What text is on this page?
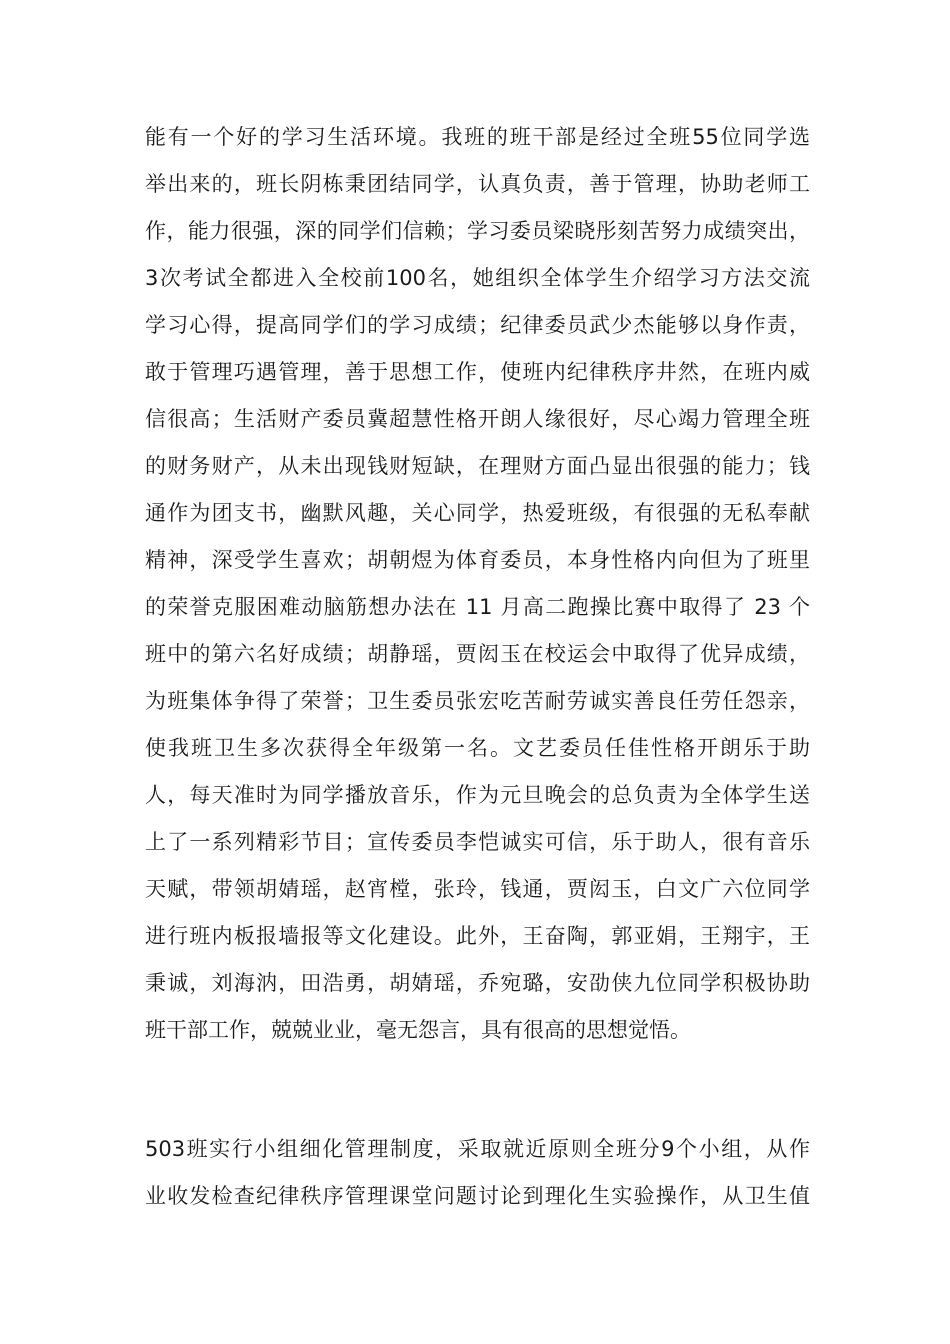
能有一个好的学习生活环境。我班的班干部是经过全班55位同学选
举出来的，班长阴栋秉团结同学，认真负责，善于管理，协助老师工
作，能力很强，深的同学们信赖；学习委员梁晓彤刻苦努力成绩突出，
3次考试全都进入全校前100名，她组织全体学生介绍学习方法交流
学习心得，提高同学们的学习成绩；纪律委员武少杰能够以身作责，
敢于管理巧遇管理，善于思想工作，使班内纪律秩序井然，在班内威
信很高；生活财产委员冀超慧性格开朗人缘很好，尽心竭力管理全班
的财务财产，从未出现钱财短缺，在理财方面凸显出很强的能力；钱
通作为团支书，幽默风趣，关心同学，热爱班级，有很强的无私奉献
精神，深受学生喜欢；胡朝煜为体育委员，本身性格内向但为了班里
的荣誉克服困难动脑筋想办法在 11 月高二跑操比赛中取得了 23 个
班中的第六名好成绩；胡静瑶，贾闳玉在校运会中取得了优异成绩，
为班集体争得了荣誉；卫生委员张宏吃苦耐劳诚实善良任劳任怨亲，
使我班卫生多次获得全年级第一名。文艺委员任佳性格开朗乐于助
人，每天准时为同学播放音乐，作为元旦晚会的总负责为全体学生送
上了一系列精彩节目；宣传委员李恺诚实可信，乐于助人，很有音乐
天赋，带领胡婧瑶，赵宵樘，张玲，钱通，贾闳玉，白文广六位同学
进行班内板报墙报等文化建设。此外，王奋陶，郭亚娟，王翔宇，王
秉诚，刘海汭，田浩勇，胡婧瑶，乔宛璐，安劭侠九位同学积极协助
班干部工作，兢兢业业，毫无怨言，具有很高的思想觉悟。
503班实行小组细化管理制度，采取就近原则全班分9个小组，从作
业收发检查纪律秩序管理课堂问题讨论到理化生实验操作，从卫生值
